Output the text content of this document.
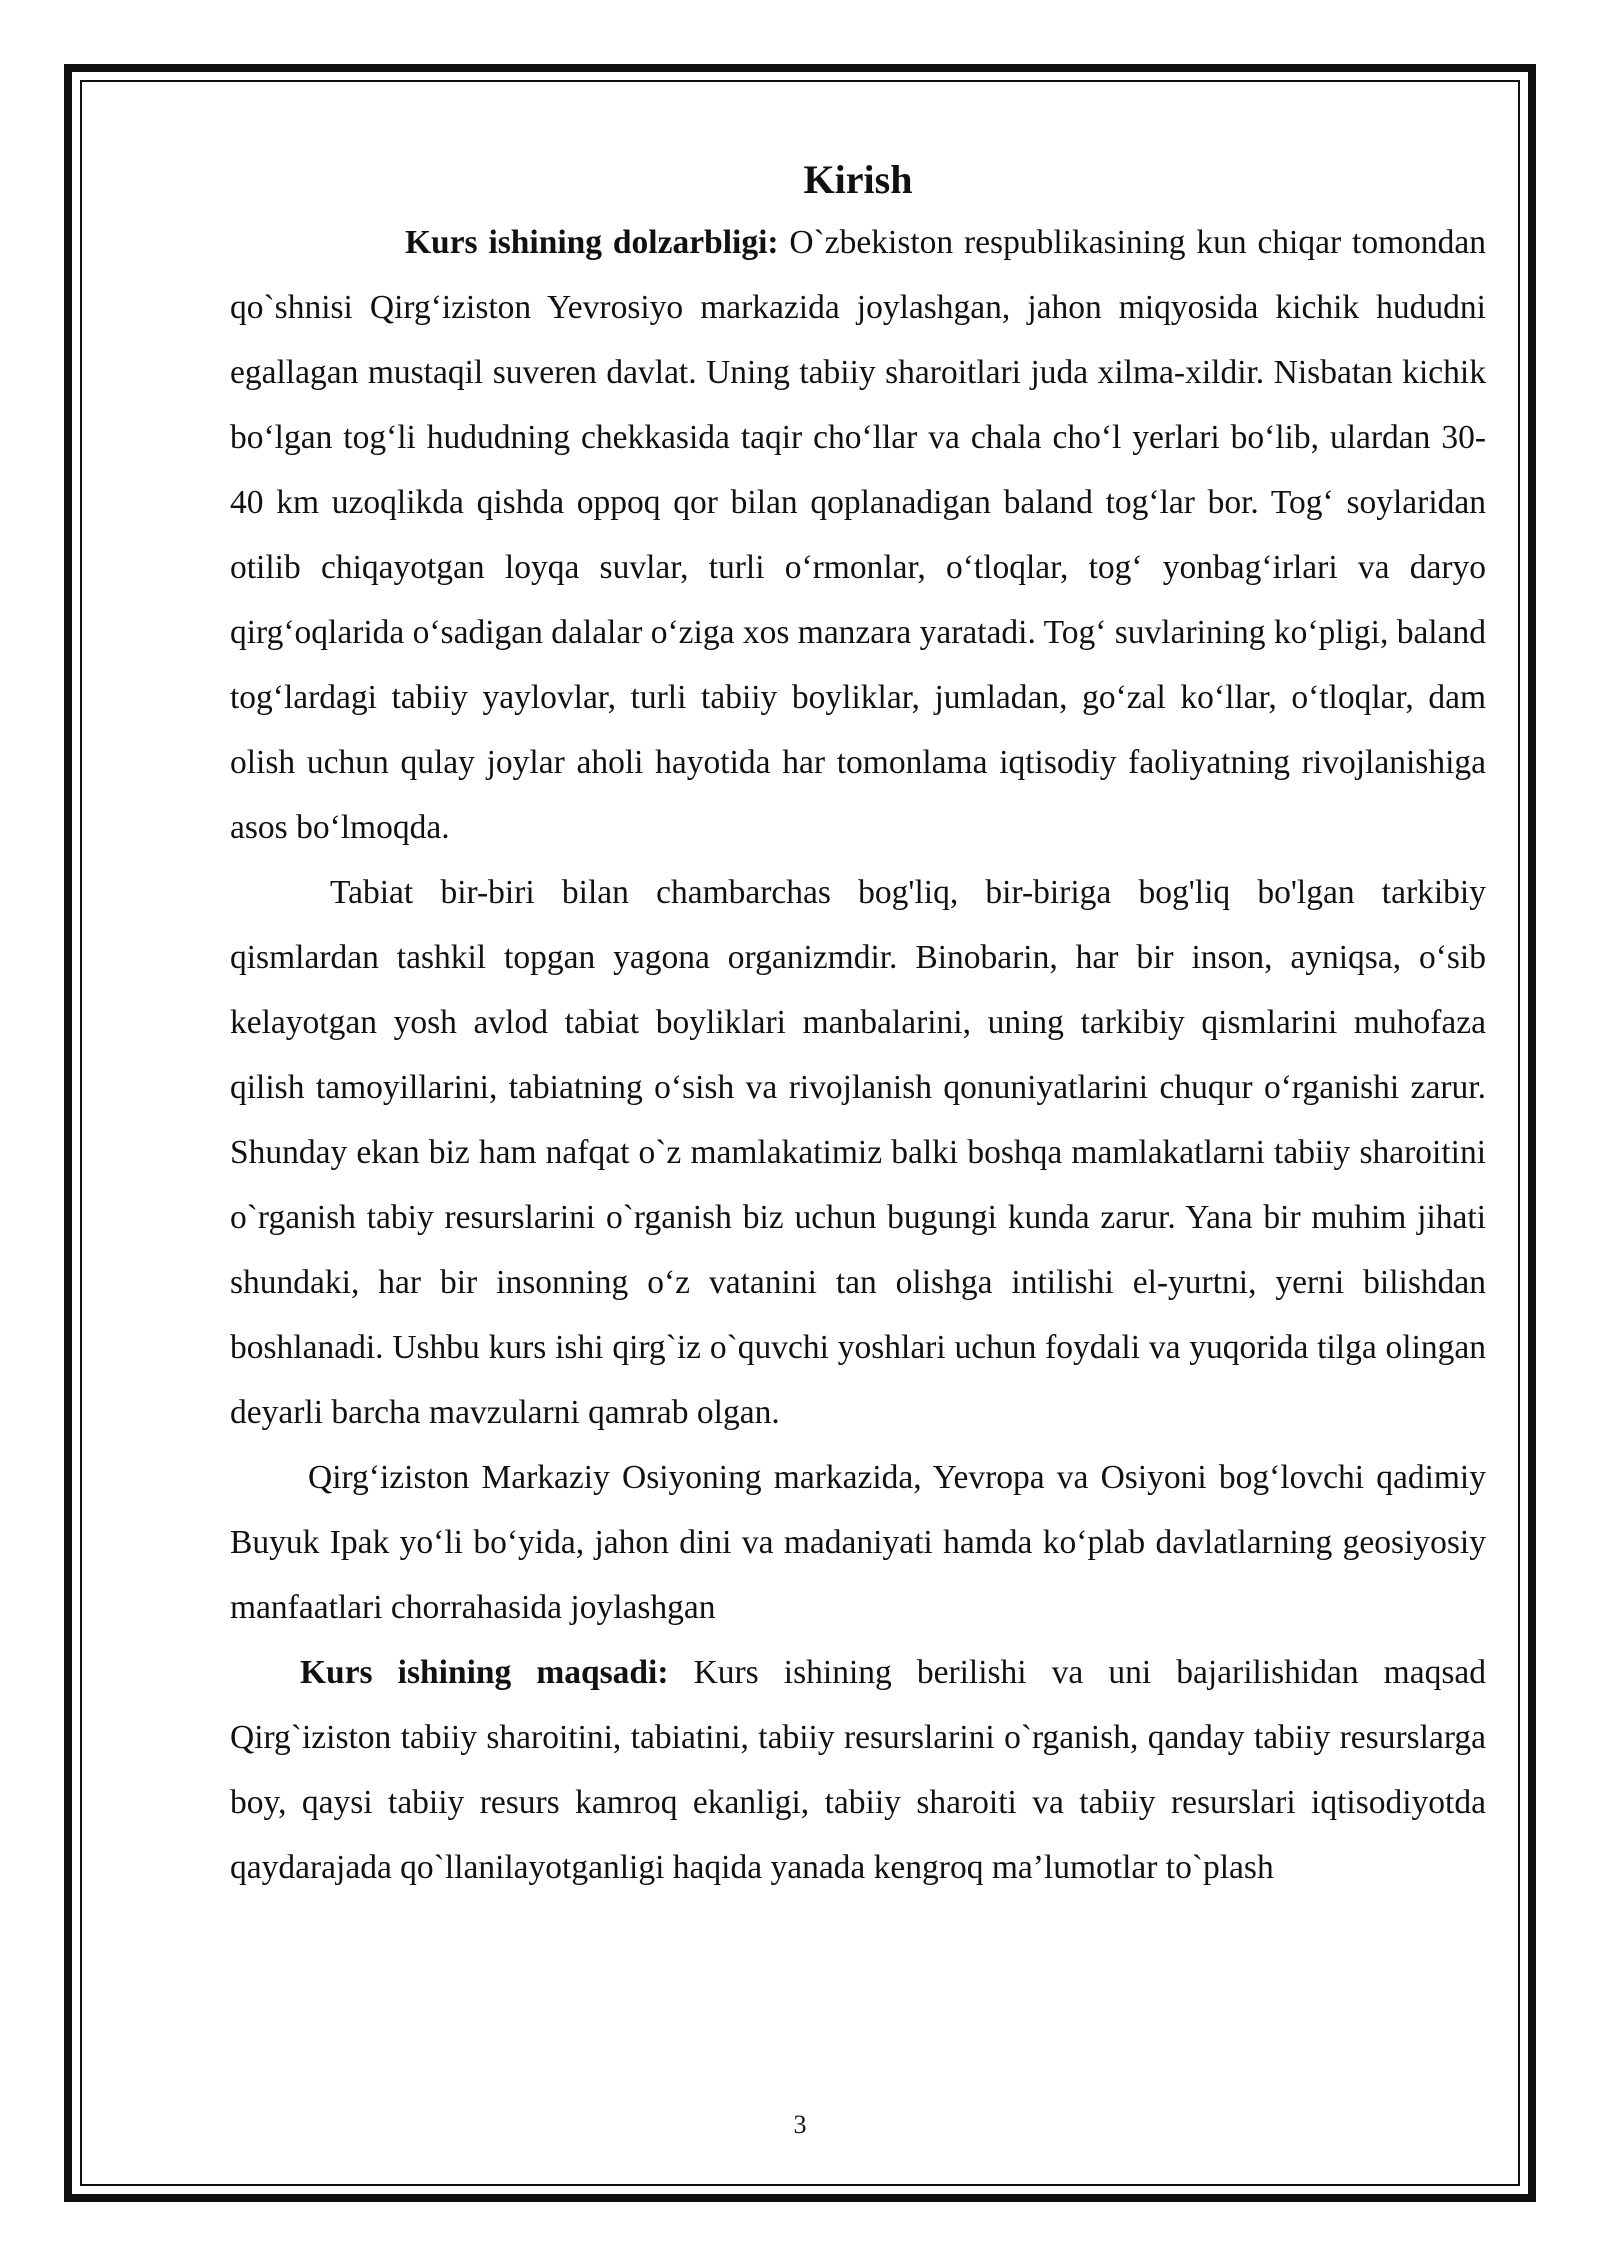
Kirish

Kurs ishining dolzarbligi: O`zbekiston respublikasining kun chiqar tomondan qo`shnisi Qirg‘iziston Yevrosiyo markazida joylashgan, jahon miqyosida kichik hududni egallagan mustaqil suveren davlat. Uning tabiiy sharoitlari juda xilma-xildir. Nisbatan kichik bo‘lgan tog‘li hududning chekkasida taqir cho‘llar va chala cho‘l yerlari bo‘lib, ulardan 30-40 km uzoqlikda qishda oppoq qor bilan qoplanadigan baland tog‘lar bor. Tog‘ soylaridan otilib chiqayotgan loyqa suvlar, turli o‘rmonlar, o‘tloqlar, tog‘ yonbag‘irlari va daryo qirg‘oqlarida o‘sadigan dalalar o‘ziga xos manzara yaratadi. Tog‘ suvlarining ko‘pligi, baland tog‘lardagi tabiiy yaylovlar, turli tabiiy boyliklar, jumladan, go‘zal ko‘llar, o‘tloqlar, dam olish uchun qulay joylar aholi hayotida har tomonlama iqtisodiy faoliyatning rivojlanishiga asos bo‘lmoqda.

Tabiat bir-biri bilan chambarchas bog'liq, bir-biriga bog'liq bo'lgan tarkibiy qismlardan tashkil topgan yagona organizmdir. Binobarin, har bir inson, ayniqsa, o‘sib kelayotgan yosh avlod tabiat boyliklari manbalarini, uning tarkibiy qismlarini muhofaza qilish tamoyillarini, tabiatning o‘sish va rivojlanish qonuniyatlarini chuqur o‘rganishi zarur. Shunday ekan biz ham nafqat o`z mamlakatimiz balki boshqa mamlakatlarni tabiiy sharoitini o`rganish tabiy resurslarini o`rganish biz uchun bugungi kunda zarur. Yana bir muhim jihati shundaki, har bir insonning o‘z vatanini tan olishga intilishi el-yurtni, yerni bilishdan boshlanadi. Ushbu kurs ishi qirg`iz o`quvchi yoshlari uchun foydali va yuqorida tilga olingan deyarli barcha mavzularni qamrab olgan.

Qirg‘iziston Markaziy Osiyoning markazida, Yevropa va Osiyoni bog‘lovchi qadimiy Buyuk Ipak yo‘li bo‘yida, jahon dini va madaniyati hamda ko‘plab davlatlarning geosiyosiy manfaatlari chorrahasida joylashgan

Kurs ishining maqsadi: Kurs ishining berilishi va uni bajarilishidan maqsad Qirg`iziston tabiiy sharoitini, tabiatini, tabiiy resurslarini o`rganish, qanday tabiiy resurslarga boy, qaysi tabiiy resurs kamroq ekanligi, tabiiy sharoiti va tabiiy resurslari iqtisodiyotda qaydarajada qo`llanilayotganligi haqida yanada kengroq ma’lumotlar to`plash

3
